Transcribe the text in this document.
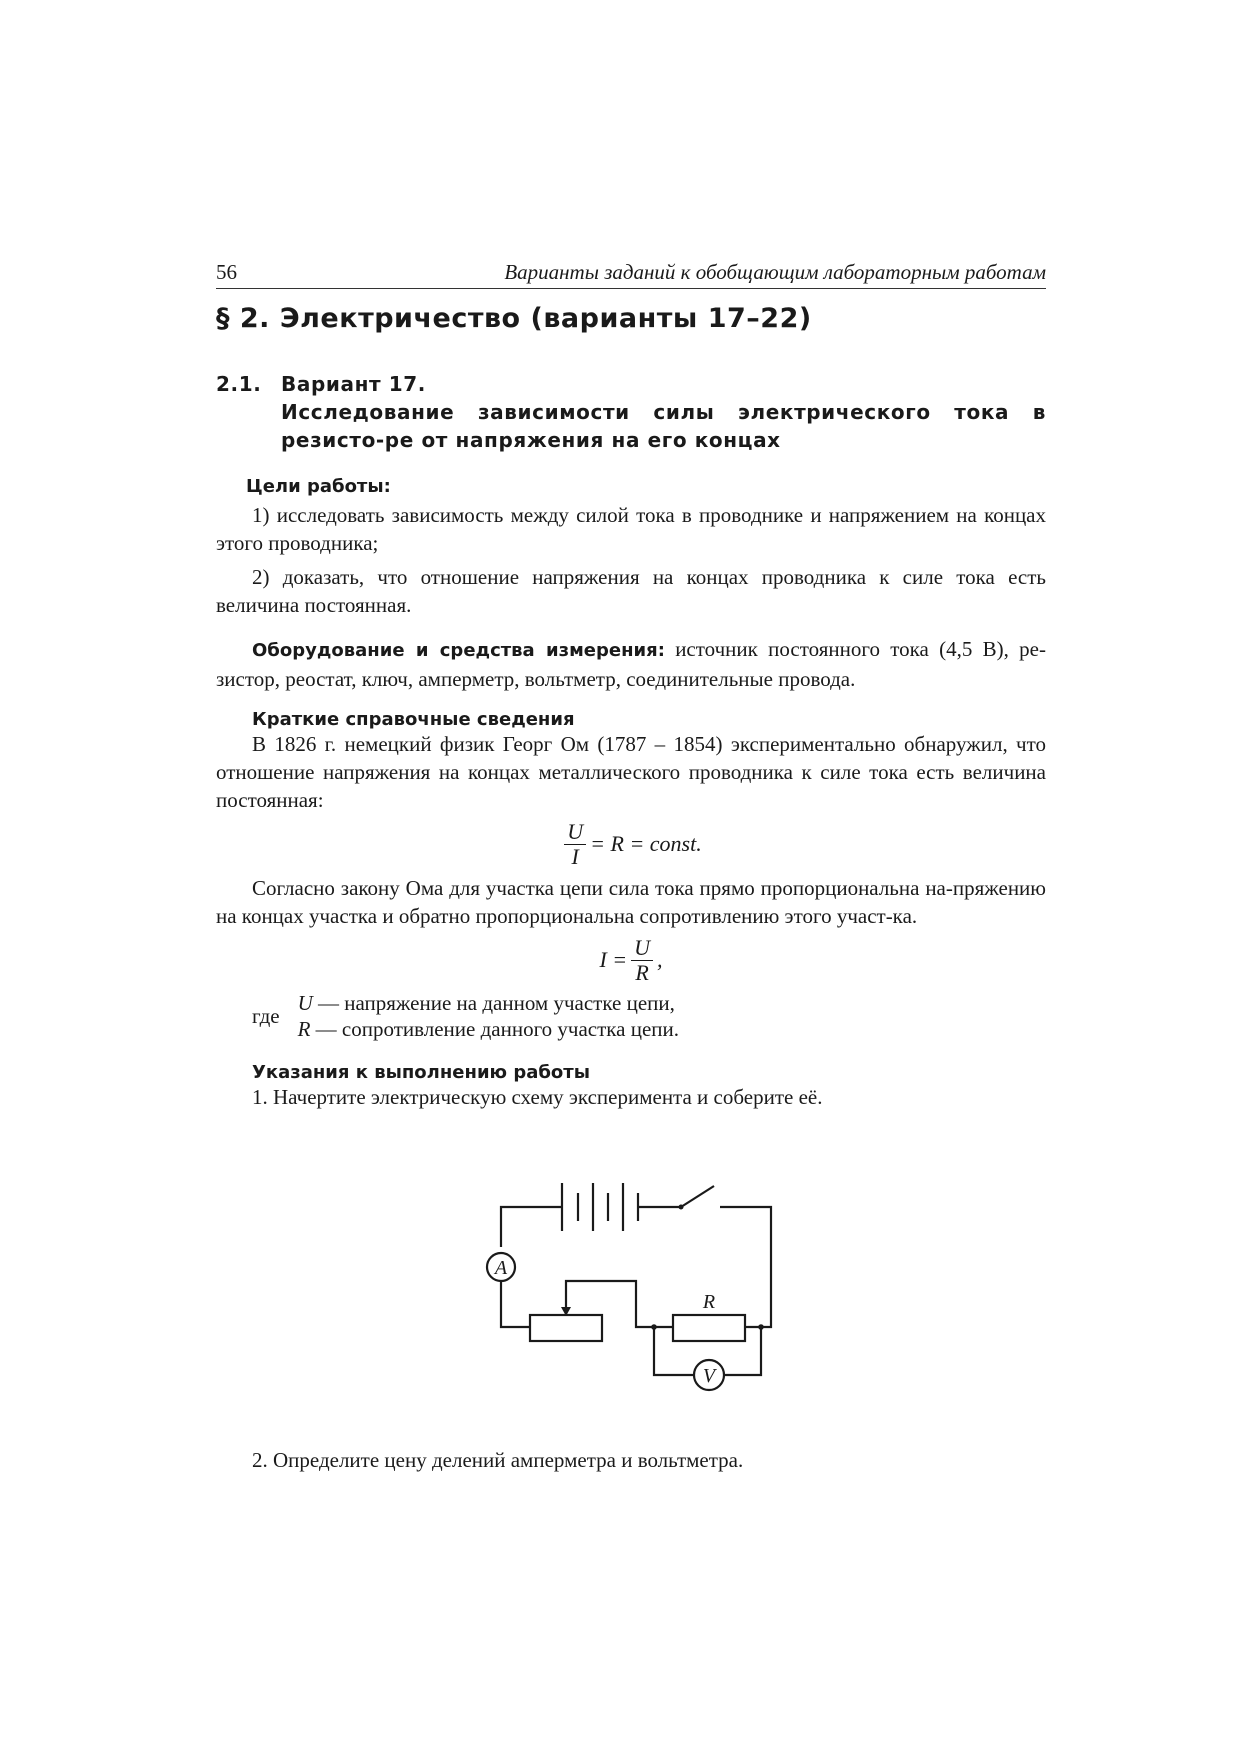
56	Варианты заданий к обобщающим лабораторным работам
§ 2. Электричество (варианты 17–22)
2.1. Вариант 17.
Исследование зависимости силы электрического тока в резисто-ре от напряжения на его концах
Цели работы:

1) исследовать зависимость между силой тока в проводнике и напряжением на концах этого проводника;

2) доказать, что отношение напряжения на концах проводника к силе тока есть величина постоянная.

Оборудование и средства измерения: источник постоянного тока (4,5 В), ре-зистор, реостат, ключ, амперметр, вольтметр, соединительные провода.

Краткие справочные сведения

В 1826 г. немецкий физик Георг Ом (1787 – 1854) экспериментально обнаружил, что отношение напряжения на концах металлического проводника к силе тока есть величина постоянная:

$\frac{U}{I} = R$ = const.

Согласно закону Ома для участка цепи сила тока прямо пропорциональна на-пряжению на концах участка и обратно пропорциональна сопротивлению этого участ-ка.

$I = \frac{U}{R}$ ,
где
U — напряжение на данном участке цепи,
R — сопротивление данного участка цепи.
Указания к выполнению работы
1. Начертите электрическую схему эксперимента и соберите её.
A
V
R
2. Определите цену делений амперметра и вольтметра.
